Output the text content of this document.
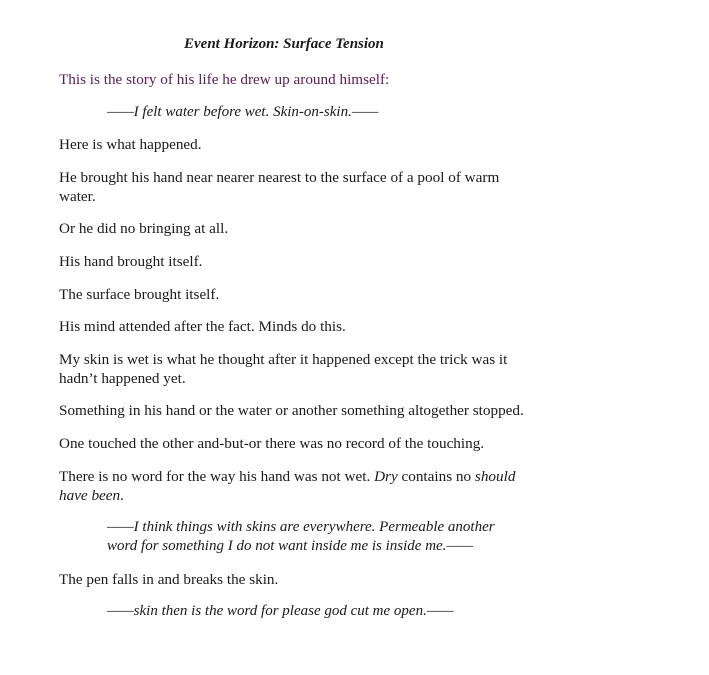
Event Horizon: Surface Tension
This is the story of his life he drew up around himself:
——I felt water before wet. Skin-on-skin.——
Here is what happened.
He brought his hand near nearer nearest to the surface of a pool of warm water.
Or he did no bringing at all.
His hand brought itself.
The surface brought itself.
His mind attended after the fact. Minds do this.
My skin is wet is what he thought after it happened except the trick was it hadn’t happened yet.
Something in his hand or the water or another something altogether stopped.
One touched the other and-but-or there was no record of the touching.
There is no word for the way his hand was not wet. Dry contains no should have been.
——I think things with skins are everywhere. Permeable another word for something I do not want inside me is inside me.——
The pen falls in and breaks the skin.
——skin then is the word for please god cut me open.——
